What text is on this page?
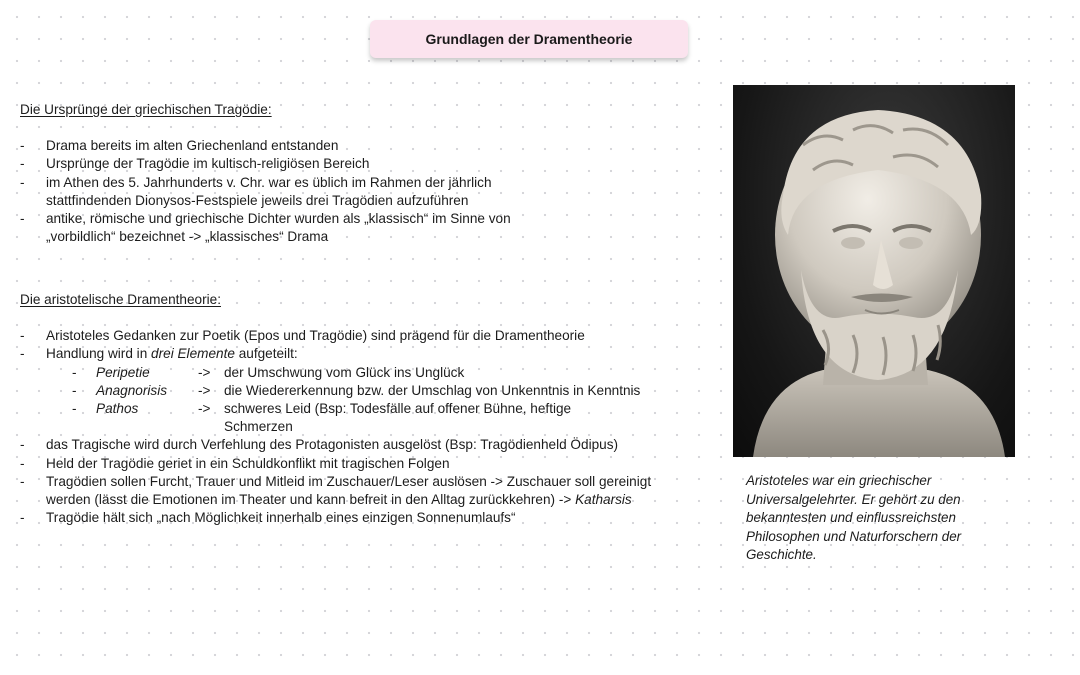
Grundlagen der Dramentheorie
Die Ursprünge der griechischen Tragödie:
- Drama bereits im alten Griechenland entstanden
- Ursprünge der Tragödie im kultisch-religiösen Bereich
- im Athen des 5. Jahrhunderts v. Chr. war es üblich im Rahmen der jährlich stattfindenden Dionysos-Festspiele jeweils drei Tragödien aufzuführen
- antike, römische und griechische Dichter wurden als „klassisch“ im Sinne von „vorbildlich“ bezeichnet -> „klassisches“ Drama
Die aristotelische Dramentheorie:
- Aristoteles Gedanken zur Poetik (Epos und Tragödie) sind prägend für die Dramentheorie
- Handlung wird in drei Elemente aufgeteilt:
- Peripetie	-> der Umschwung vom Glück ins Unglück
- Anagnorisis	-> die Wiedererkennung bzw. der Umschlag von Unkenntnis in Kenntnis
- Pathos	-> schweres Leid (Bsp: Todesfälle auf offener Bühne, heftige Schmerzen
- das Tragische wird durch Verfehlung des Protagonisten ausgelöst (Bsp: Tragödienheld Ödipus)
- Held der Tragödie geriet in ein Schuldkonflikt mit tragischen Folgen
- Tragödien sollen Furcht, Trauer und Mitleid im Zuschauer/Leser auslösen -> Zuschauer soll gereinigt werden (lässt die Emotionen im Theater und kann befreit in den Alltag zurückkehren) -> Katharsis
- Tragödie hält sich „nach Möglichkeit innerhalb eines einzigen Sonnenumlaufs“
Aristoteles war ein griechischer Universalgelehrter. Er gehört zu den bekanntesten und einflussreichsten Philosophen und Naturforschern der Geschichte.
